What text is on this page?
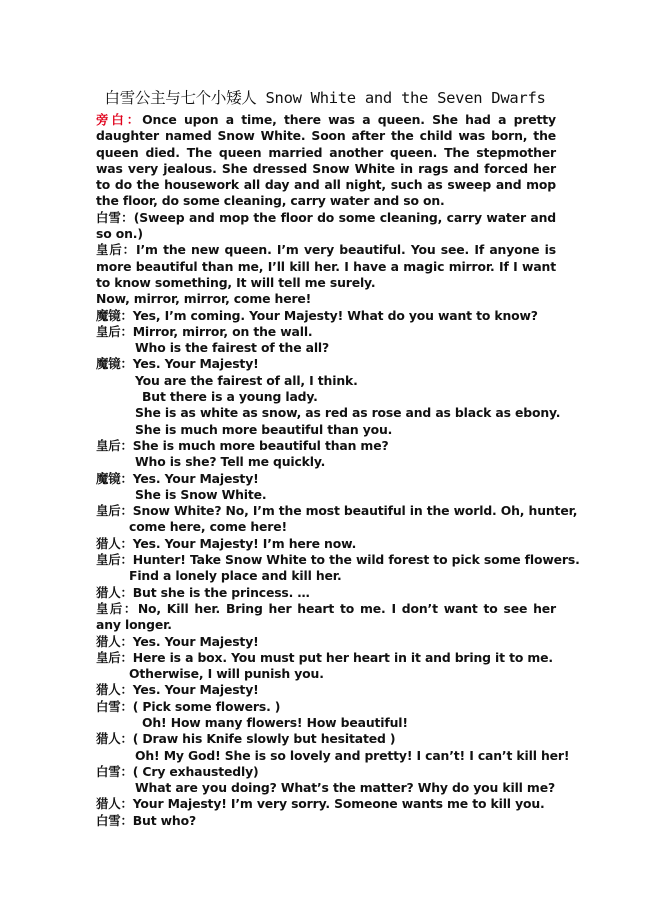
白雪公主与七个小矮人 Snow White and the Seven Dwarfs
旁白：Once upon a time, there was a queen. She had a pretty daughter named Snow White. Soon after the child was born, the queen died. The queen married another queen. The stepmother was very jealous. She dressed Snow White in rags and forced her to do the housework all day and all night, such as sweep and mop the floor, do some cleaning, carry water and so on.
白雪：(Sweep and mop the floor do some cleaning, carry water and so on.)
皇后：I’m the new queen. I’m very beautiful. You see. If anyone is more beautiful than me, I’ll kill her. I have a magic mirror. If I want to know something, It will tell me surely.
Now, mirror, mirror, come here!
魔镜：Yes, I’m coming. Your Majesty! What do you want to know?
皇后：Mirror, mirror, on the wall.
Who is the fairest of the all?
魔镜：Yes. Your Majesty!
You are the fairest of all, I think.
But there is a young lady.
She is as white as snow, as red as rose and as black as ebony.
She is much more beautiful than you.
皇后：She is much more beautiful than me?
Who is she? Tell me quickly.
魔镜：Yes. Your Majesty!
She is Snow White.
皇后：Snow White? No, I’m the most beautiful in the world. Oh, hunter,
come here, come here!
猎人：Yes. Your Majesty! I’m here now.
皇后：Hunter! Take Snow White to the wild forest to pick some flowers.
Find a lonely place and kill her.
猎人：But she is the princess. …
皇后：No, Kill her. Bring her heart to me. I don’t want to see her any longer.
猎人：Yes. Your Majesty!
皇后：Here is a box. You must put her heart in it and bring it to me.
Otherwise, I will punish you.
猎人：Yes. Your Majesty!
白雪：( Pick some flowers. )
Oh! How many flowers! How beautiful!
猎人：( Draw his Knife slowly but hesitated )
Oh! My God! She is so lovely and pretty! I can’t! I can’t kill her!
白雪：( Cry exhaustedly)
What are you doing? What’s the matter? Why do you kill me?
猎人：Your Majesty! I’m very sorry. Someone wants me to kill you.
白雪：But who?
